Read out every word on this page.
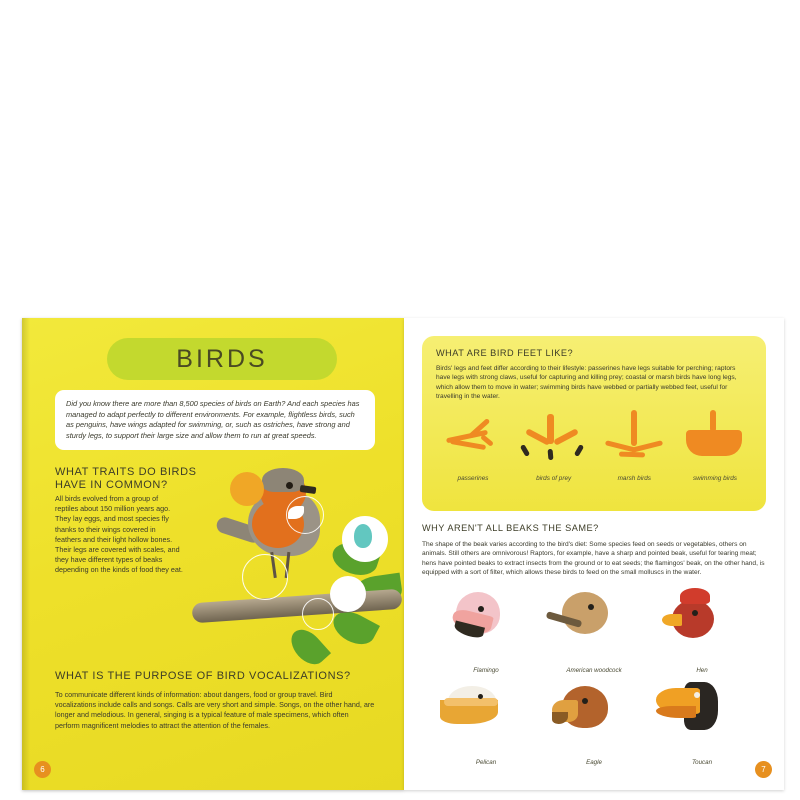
BIRDS

Did you know there are more than 8,500 species of birds on Earth? And each species has managed to adapt perfectly to different environments. For example, flightless birds, such as penguins, have wings adapted for swimming, or, such as ostriches, have strong and sturdy legs, to support their large size and allow them to run at great speeds.

WHAT TRAITS DO BIRDS HAVE IN COMMON?
All birds evolved from a group of reptiles about 150 million years ago. They lay eggs, and most species fly thanks to their wings covered in feathers and their light hollow bones. Their legs are covered with scales, and they have different types of beaks depending on the kinds of food they eat.
WHAT IS THE PURPOSE OF BIRD VOCALIZATIONS?
To communicate different kinds of information: about dangers, food or group travel. Bird vocalizations include calls and songs. Calls are very short and simple. Songs, on the other hand, are longer and melodious. In general, singing is a typical feature of male specimens, which often perform magnificent melodies to attract the attention of the females.
6
WHAT ARE BIRD FEET LIKE?
Birds' legs and feet differ according to their lifestyle: passerines have legs suitable for perching; raptors have legs with strong claws, useful for capturing and killing prey; coastal or marsh birds have long legs, which allow them to move in water; swimming birds have webbed or partially webbed feet, useful for travelling in the water.
passerines	birds of prey	marsh birds	swimming birds
WHY AREN'T ALL BEAKS THE SAME?
The shape of the beak varies according to the bird's diet: Some species feed on seeds or vegetables, others on animals. Still others are omnivorous! Raptors, for example, have a sharp and pointed beak, useful for tearing meat; hens have pointed beaks to extract insects from the ground or to eat seeds; the flamingos' beak, on the other hand, is equipped with a sort of filter, which allows these birds to feed on the small molluscs in the water.
Flamingo	American woodcock	Hen
Pelican	Eagle	Toucan
7
